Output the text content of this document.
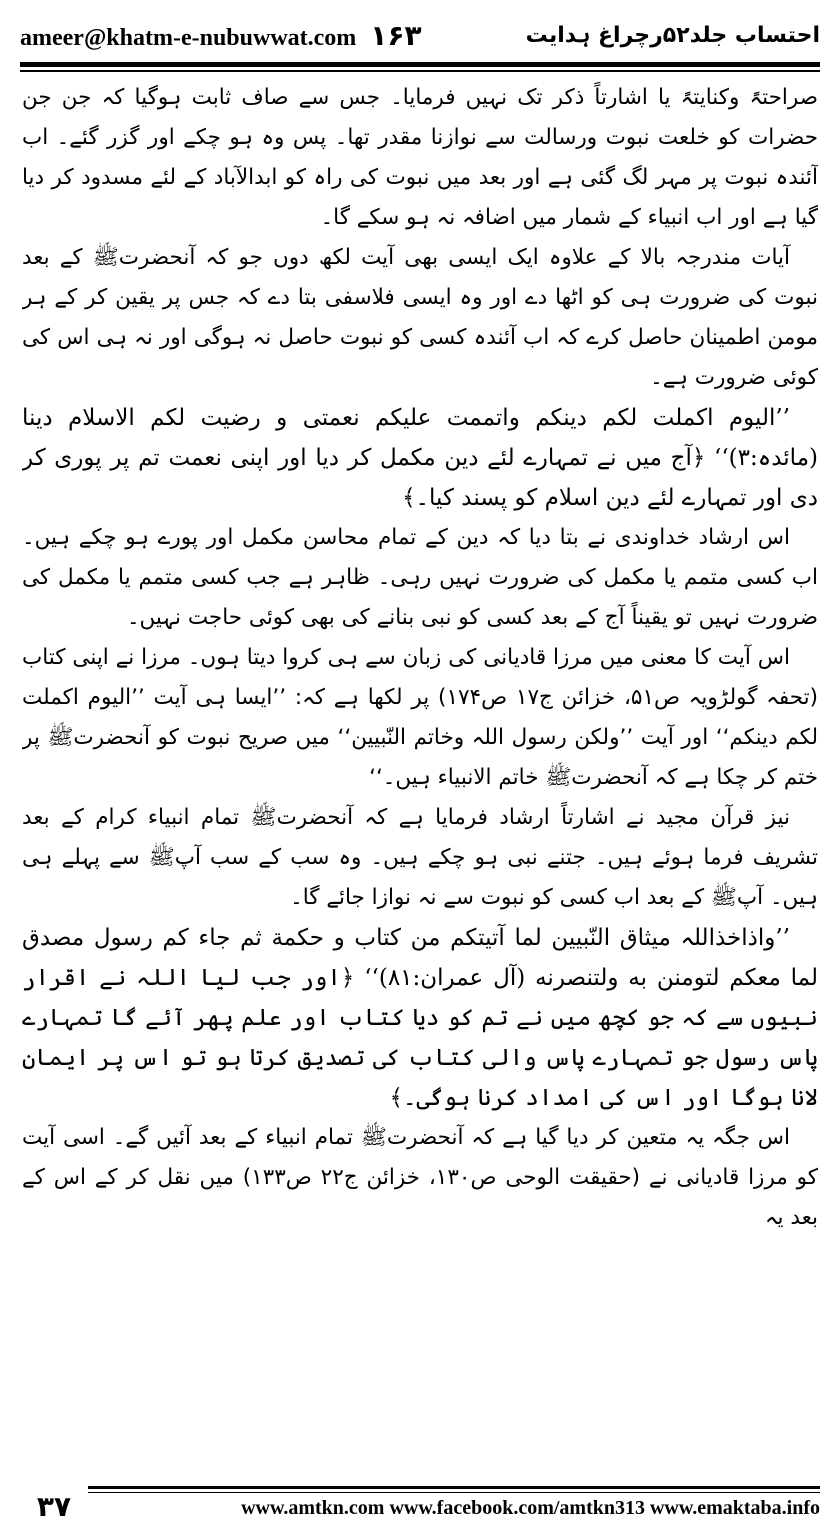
ameer@khatm-e-nubuwwat.com ۱۶۳	احتساب جلد۵۲رچراغ ہدایت

صراحتہً وکنایتہً یا اشارتاً ذکر تک نہیں فرمایا۔ جس سے صاف ثابت ہوگیا کہ جن جن حضرات کو خلعت نبوت ورسالت سے نوازنا مقدر تھا۔ پس وہ ہو چکے اور گزر گئے۔ اب آئندہ نبوت پر مہر لگ گئی ہے اور بعد میں نبوت کی راہ کو ابدالآباد کے لئے مسدود کر دیا گیا ہے اور اب انبیاء کے شمار میں اضافہ نہ ہو سکے گا۔

آیات مندرجہ بالا کے علاوہ ایک ایسی بھی آیت لکھ دوں جو کہ آنحضرتﷺ کے بعد نبوت کی ضرورت ہی کو اٹھا دے اور وہ ایسی فلاسفی بتا دے کہ جس پر یقین کر کے ہر مومن اطمینان حاصل کرے کہ اب آئندہ کسی کو نبوت حاصل نہ ہوگی اور نہ ہی اس کی کوئی ضرورت ہے۔

’’الیوم اکملت لکم دینکم واتممت علیکم نعمتی و رضیت لکم الاسلام دینا (مائدہ:۳)‘‘ ﴿آج میں نے تمہارے لئے دین مکمل کر دیا اور اپنی نعمت تم پر پوری کر دی اور تمہارے لئے دین اسلام کو پسند کیا۔﴾

اس ارشاد خداوندی نے بتا دیا کہ دین کے تمام محاسن مکمل اور پورے ہو چکے ہیں۔ اب کسی متمم یا مکمل کی ضرورت نہیں رہی۔ ظاہر ہے جب کسی متمم یا مکمل کی ضرورت نہیں تو یقیناً آج کے بعد کسی کو نبی بنانے کی بھی کوئی حاجت نہیں۔

اس آیت کا معنی میں مرزا قادیانی کی زبان سے ہی کروا دیتا ہوں۔ مرزا نے اپنی کتاب (تحفہ گولڑویہ ص۵۱، خزائن ج۱۷ ص۱۷۴) پر لکھا ہے کہ: ’’ایسا ہی آیت ’’الیوم اکملت لکم دینکم‘‘ اور آیت ’’ولکن رسول اللہ وخاتم النّبیین‘‘ میں صریح نبوت کو آنحضرتﷺ پر ختم کر چکا ہے کہ آنحضرتﷺ خاتم الانبیاء ہیں۔‘‘

نیز قرآن مجید نے اشارتاً ارشاد فرمایا ہے کہ آنحضرتﷺ تمام انبیاء کرام کے بعد تشریف فرما ہوئے ہیں۔ جتنے نبی ہو چکے ہیں۔ وہ سب کے سب آپﷺ سے پہلے ہی ہیں۔ آپﷺ کے بعد اب کسی کو نبوت سے نہ نوازا جائے گا۔

’’واذاخذاللہ میثاق النّبیین لما آتیتکم من کتاب و حکمة ثم جاء کم رسول مصدق لما معکم لتومنن به ولتنصرنه (آل عمران:۸۱)‘‘ ﴿اور جب لیا اللہ نے اقرار نبیوں سے کہ جو کچھ میں نے تم کو دیا کتاب اور علم پھر آئے گا تمہارے پاس رسول جو تمہارے پاس والی کتاب کی تصدیق کرتا ہو تو اس پر ایمان لانا ہوگا اور اس کی امداد کرنا ہوگی۔﴾

اس جگہ یہ متعین کر دیا گیا ہے کہ آنحضرتﷺ تمام انبیاء کے بعد آئیں گے۔ اسی آیت کو مرزا قادیانی نے (حقیقت الوحی ص۱۳۰، خزائن ج۲۲ ص۱۳۳) میں نقل کر کے اس کے بعد یہ

۳۷	www.amtkn.com www.facebook.com/amtkn313 www.emaktaba.info
